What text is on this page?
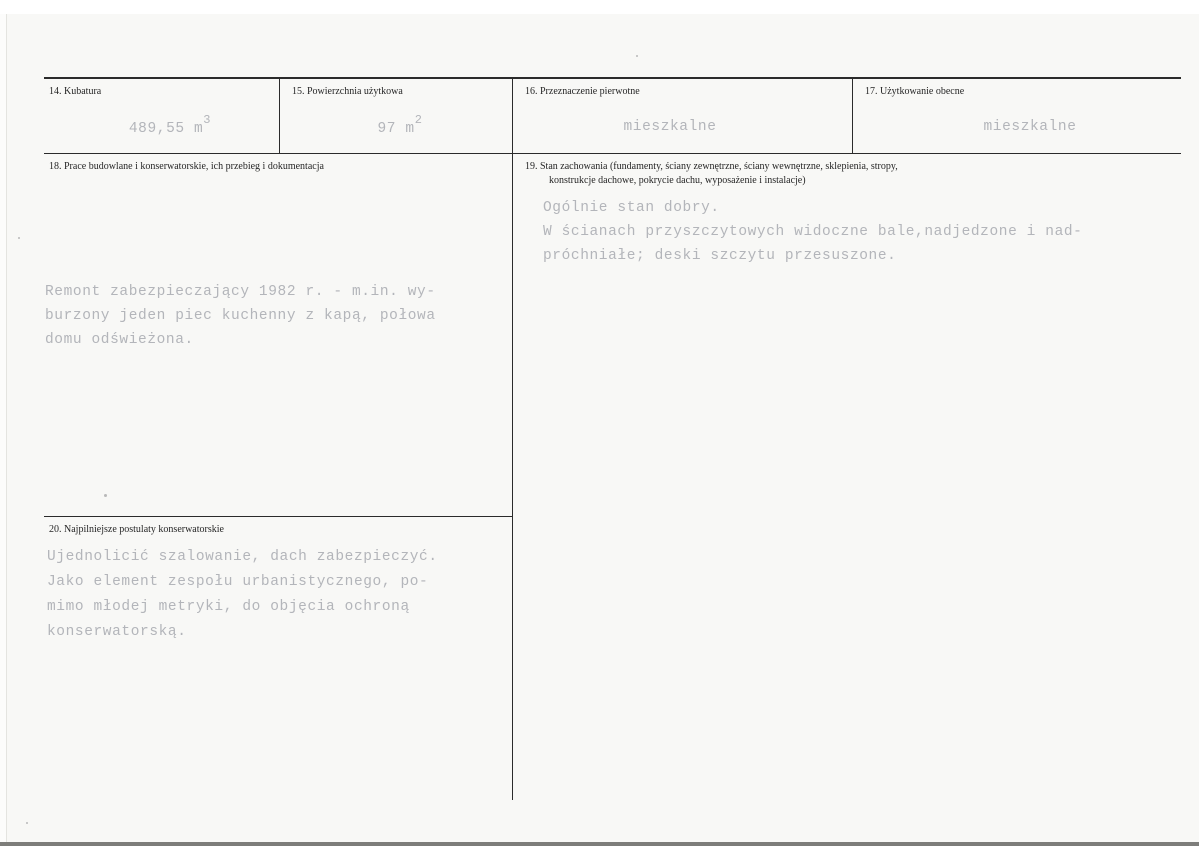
14. Kubatura
489,55 $m^3$
15. Powierzchnia użytkowa
97 $m^2$
16. Przeznaczenie pierwotne
mieszkalne
17. Użytkowanie obecne
mieszkalne
18. Prace budowlane i konserwatorskie, ich przebieg i dokumentacja
Remont zabezpieczający 1982 r. - m.in. wy-
burzony jeden piec kuchenny z kapą, połowa
domu odświeżona.
19. Stan zachowania (fundamenty, ściany zewnętrzne, ściany wewnętrzne, sklepienia, stropy,
konstrukcje dachowe, pokrycie dachu, wyposażenie i instalacje)
Ogólnie stan dobry.
W ścianach przyszczytowych widoczne bale,nadjedzone i nad-
próchniałe; deski szczytu przesuszone.
20. Najpilniejsze postulaty konserwatorskie
Ujednolicić szalowanie, dach zabezpieczyć.
Jako element zespołu urbanistycznego, po-
mimo młodej metryki, do objęcia ochroną
konserwatorską.
